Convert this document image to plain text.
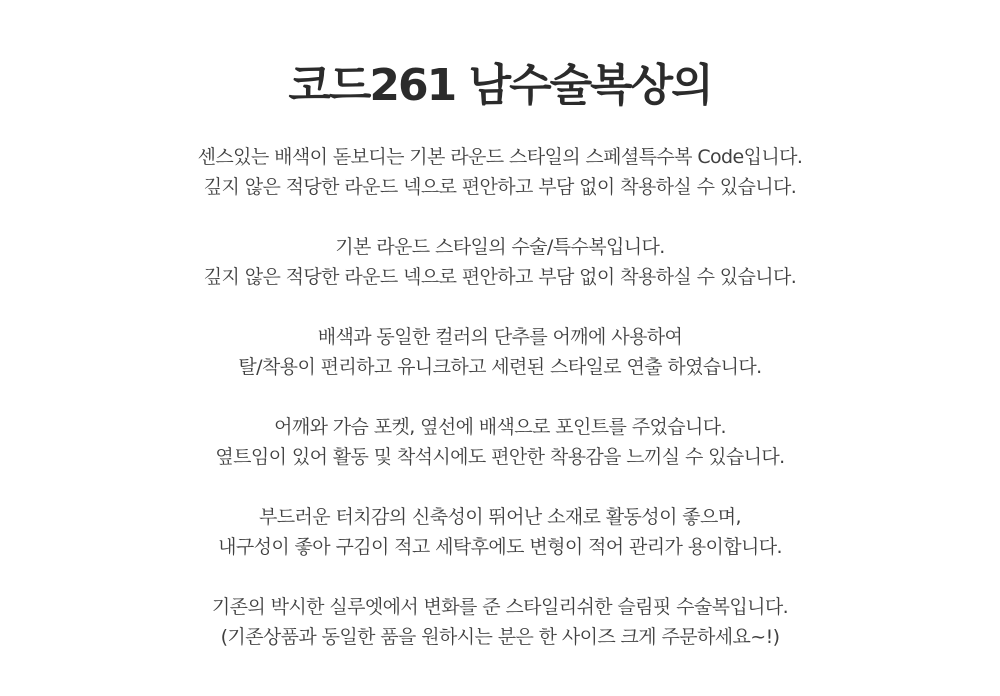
코드261 남수술복상의

센스있는 배색이 돋보디는 기본 라운드 스타일의 스페셜특수복 Code입니다.
깊지 않은 적당한 라운드 넥으로 편안하고 부담 없이 착용하실 수 있습니다.

기본 라운드 스타일의 수술/특수복입니다.
깊지 않은 적당한 라운드 넥으로 편안하고 부담 없이 착용하실 수 있습니다.

배색과 동일한 컬러의 단추를 어깨에 사용하여
탈/착용이 편리하고 유니크하고 세련된 스타일로 연출 하였습니다.

어깨와 가슴 포켓, 옆선에 배색으로 포인트를 주었습니다.
옆트임이 있어 활동 및 착석시에도 편안한 착용감을 느끼실 수 있습니다.

부드러운 터치감의 신축성이 뛰어난 소재로 활동성이 좋으며,
내구성이 좋아 구김이 적고 세탁후에도 변형이 적어 관리가 용이합니다.

기존의 박시한 실루엣에서 변화를 준 스타일리쉬한 슬림핏 수술복입니다.
(기존상품과 동일한 품을 원하시는 분은 한 사이즈 크게 주문하세요~!)
